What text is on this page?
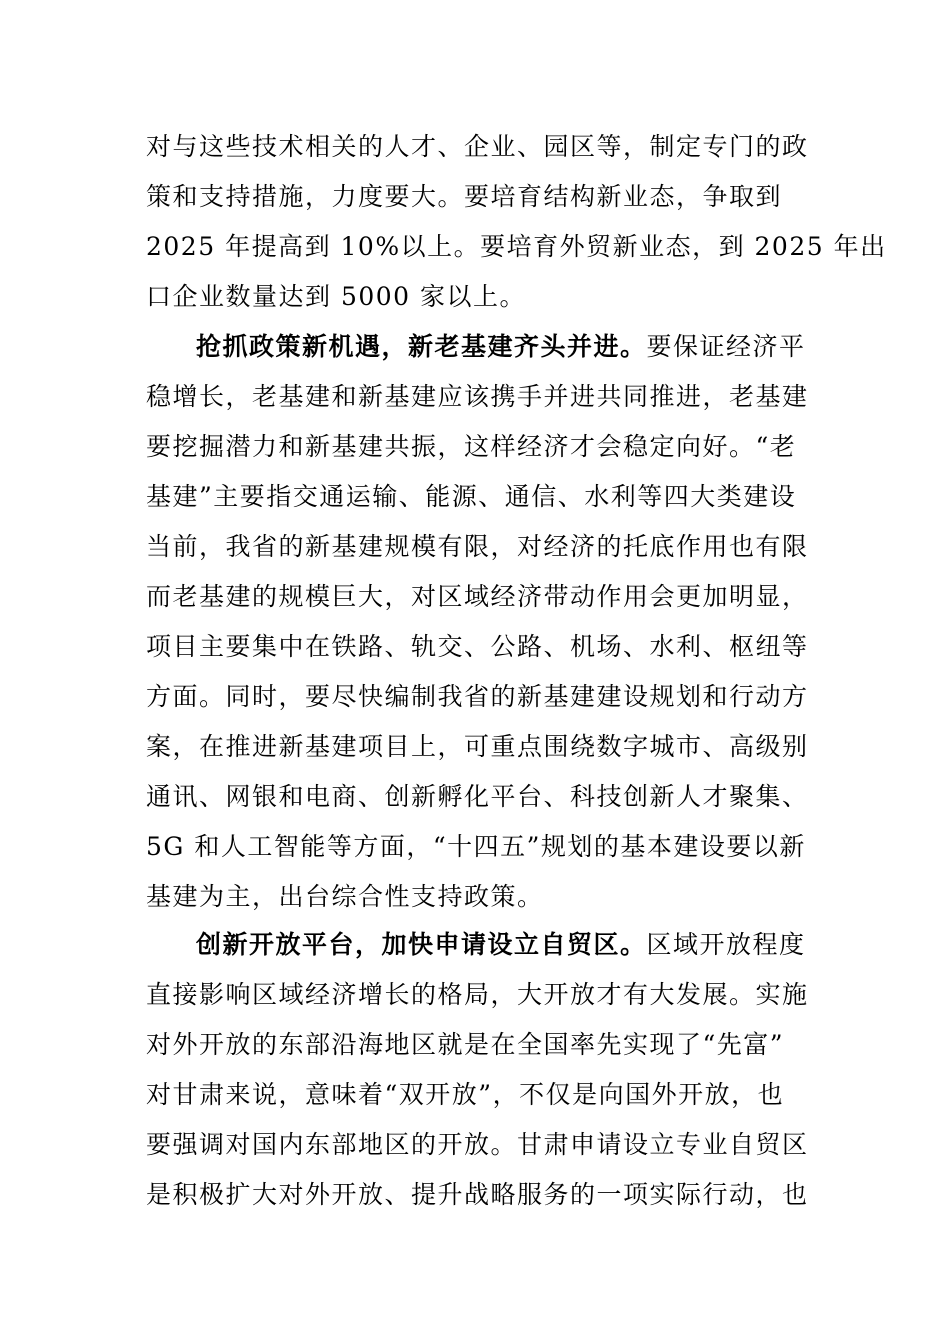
对与这些技术相关的人才、企业、园区等，制定专门的政
策和支持措施，力度要大。要培育结构新业态，争取到
2025 年提高到 10%以上。要培育外贸新业态，到 2025 年出
口企业数量达到 5000 家以上。
抢抓政策新机遇，新老基建齐头并进。要保证经济平
稳增长，老基建和新基建应该携手并进共同推进，老基建
要挖掘潜力和新基建共振，这样经济才会稳定向好。“老
基建”主要指交通运输、能源、通信、水利等四大类建设
当前，我省的新基建规模有限，对经济的托底作用也有限
而老基建的规模巨大，对区域经济带动作用会更加明显，
项目主要集中在铁路、轨交、公路、机场、水利、枢纽等
方面。同时，要尽快编制我省的新基建建设规划和行动方
案，在推进新基建项目上，可重点围绕数字城市、高级别
通讯、网银和电商、创新孵化平台、科技创新人才聚集、
5G 和人工智能等方面，“十四五”规划的基本建设要以新
基建为主，出台综合性支持政策。
创新开放平台，加快申请设立自贸区。区域开放程度
直接影响区域经济增长的格局，大开放才有大发展。实施
对外开放的东部沿海地区就是在全国率先实现了“先富”
对甘肃来说，意味着“双开放”，不仅是向国外开放，也
要强调对国内东部地区的开放。甘肃申请设立专业自贸区
是积极扩大对外开放、提升战略服务的一项实际行动，也
